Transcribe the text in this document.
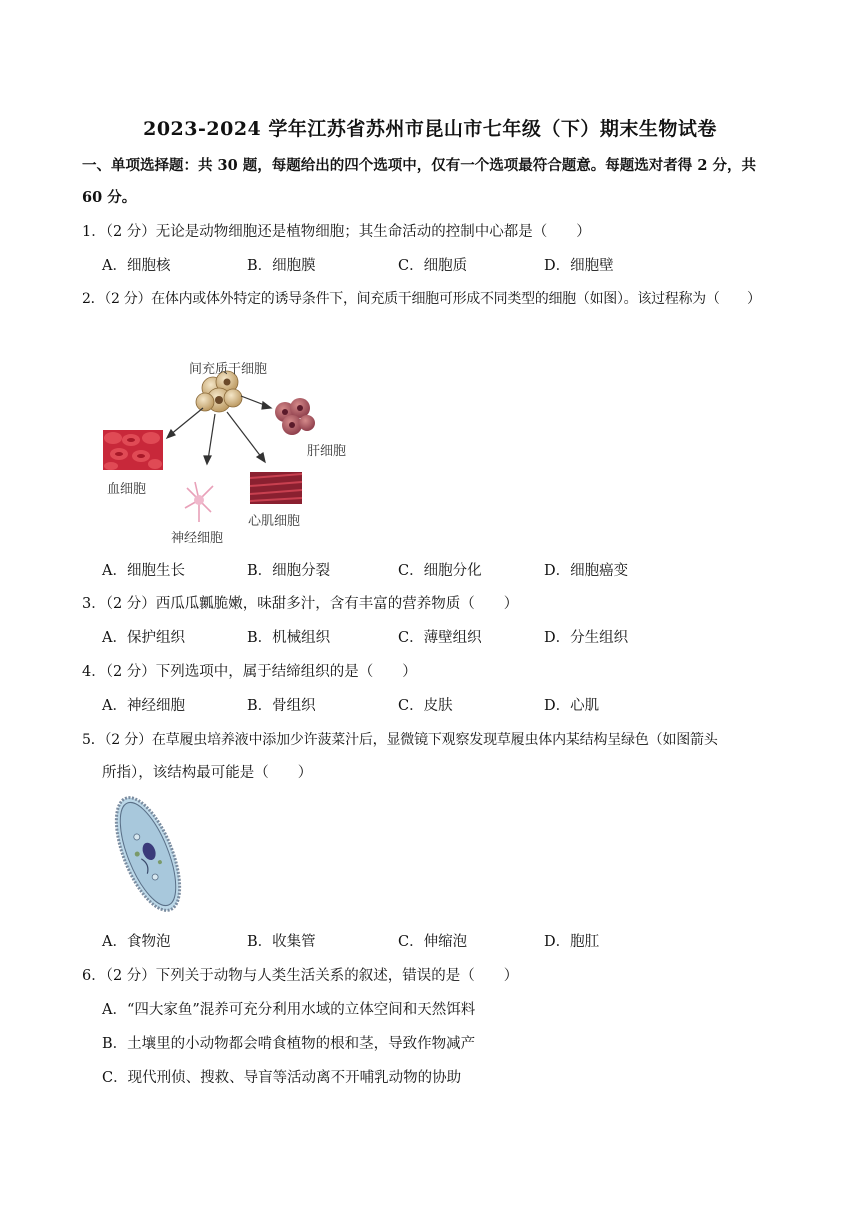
2023-2024 学年江苏省苏州市昆山市七年级（下）期末生物试卷
一、单项选择题：共 30 题，每题给出的四个选项中，仅有一个选项最符合题意。每题选对者得 2 分，共
60 分。
1．（2 分）无论是动物细胞还是植物细胞；其生命活动的控制中心都是（　　）
A．细胞核	B．细胞膜	C．细胞质	D．细胞壁
2．（2 分）在体内或体外特定的诱导条件下，间充质干细胞可形成不同类型的细胞（如图）。该过程称为（　　）
间充质干细胞
肝细胞
血细胞
心肌细胞
神经细胞
A．细胞生长	B．细胞分裂	C．细胞分化	D．细胞癌变
3．（2 分）西瓜瓜瓤脆嫩，味甜多汁，含有丰富的营养物质（　　）
A．保护组织	B．机械组织	C．薄壁组织	D．分生组织
4．（2 分）下列选项中，属于结缔组织的是（　　）
A．神经细胞	B．骨组织	C．皮肤	D．心肌
5．（2 分）在草履虫培养液中添加少许菠菜汁后，显微镜下观察发现草履虫体内某结构呈绿色（如图箭头
所指），该结构最可能是（　　）
A．食物泡	B．收集管	C．伸缩泡	D．胞肛
6．（2 分）下列关于动物与人类生活关系的叙述，错误的是（　　）
A．“四大家鱼”混养可充分利用水域的立体空间和天然饵料
B．土壤里的小动物都会啃食植物的根和茎，导致作物减产
C．现代刑侦、搜救、导盲等活动离不开哺乳动物的协助
